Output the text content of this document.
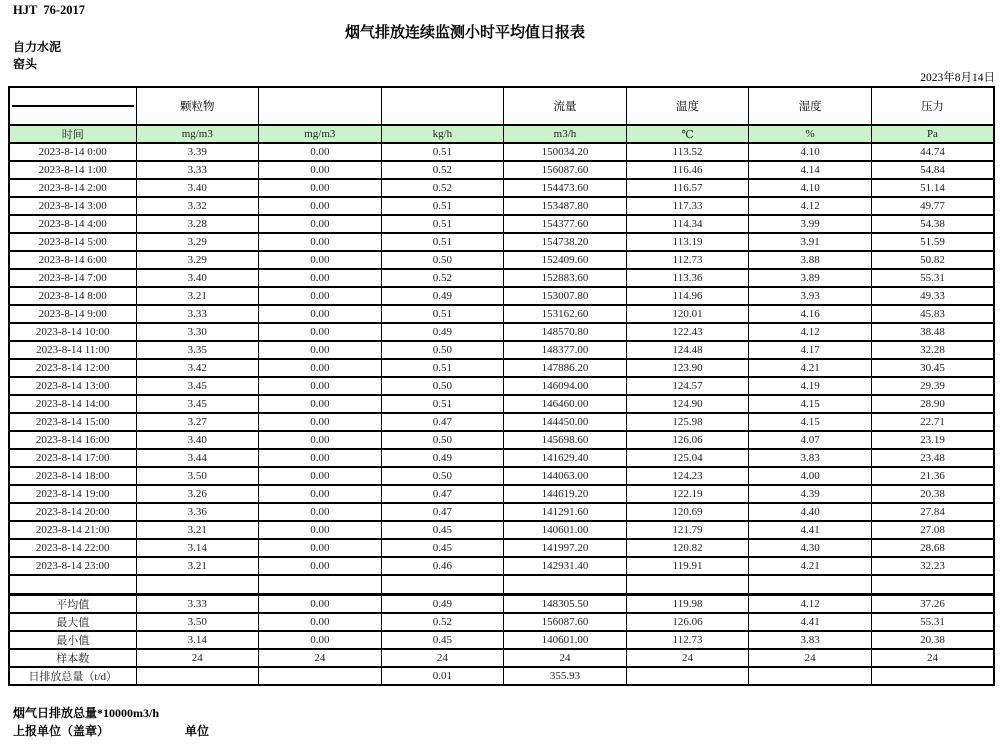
HJT  76-2017
烟气排放连续监测小时平均值日报表
自力水泥
窑头
2023年8月14日
	颗粒物			流量	温度	湿度	压力
时间	mg/m3	mg/m3	kg/h	m3/h	℃	%	Pa
2023-8-14 0:00	3.39	0.00	0.51	150034.20	113.52	4.10	44.74
2023-8-14 1:00	3.33	0.00	0.52	156087.60	116.46	4.14	54.84
2023-8-14 2:00	3.40	0.00	0.52	154473.60	116.57	4.10	51.14
2023-8-14 3:00	3.32	0.00	0.51	153487.80	117.33	4.12	49.77
2023-8-14 4:00	3.28	0.00	0.51	154377.60	114.34	3.99	54.38
2023-8-14 5:00	3.29	0.00	0.51	154738.20	113.19	3.91	51.59
2023-8-14 6:00	3.29	0.00	0.50	152409.60	112.73	3.88	50.82
2023-8-14 7:00	3.40	0.00	0.52	152883.60	113.36	3.89	55.31
2023-8-14 8:00	3.21	0.00	0.49	153007.80	114.96	3.93	49.33
2023-8-14 9:00	3.33	0.00	0.51	153162.60	120.01	4.16	45.83
2023-8-14 10:00	3.30	0.00	0.49	148570.80	122.43	4.12	38.48
2023-8-14 11:00	3.35	0.00	0.50	148377.00	124.48	4.17	32.28
2023-8-14 12:00	3.42	0.00	0.51	147886.20	123.90	4.21	30.45
2023-8-14 13:00	3.45	0.00	0.50	146094.00	124.57	4.19	29.39
2023-8-14 14:00	3.45	0.00	0.51	146460.00	124.90	4.15	28.90
2023-8-14 15:00	3.27	0.00	0.47	144450.00	125.98	4.15	22.71
2023-8-14 16:00	3.40	0.00	0.50	145698.60	126.06	4.07	23.19
2023-8-14 17:00	3.44	0.00	0.49	141629.40	125.04	3.83	23.48
2023-8-14 18:00	3.50	0.00	0.50	144063.00	124.23	4.00	21.36
2023-8-14 19:00	3.26	0.00	0.47	144619.20	122.19	4.39	20.38
2023-8-14 20:00	3.36	0.00	0.47	141291.60	120.69	4.40	27.84
2023-8-14 21:00	3.21	0.00	0.45	140601.00	121.79	4.41	27.08
2023-8-14 22:00	3.14	0.00	0.45	141997.20	120.82	4.30	28.68
2023-8-14 23:00	3.21	0.00	0.46	142931.40	119.91	4.21	32.23

平均值	3.33	0.00	0.49	148305.50	119.98	4.12	37.26
最大值	3.50	0.00	0.52	156087.60	126.06	4.41	55.31
最小值	3.14	0.00	0.45	140601.00	112.73	3.83	20.38
样本数	24	24	24	24	24	24	24
日排放总量（t/d）			0.01	355.93			
烟气日排放总量*10000m3/h
上报单位（盖章）	单位
